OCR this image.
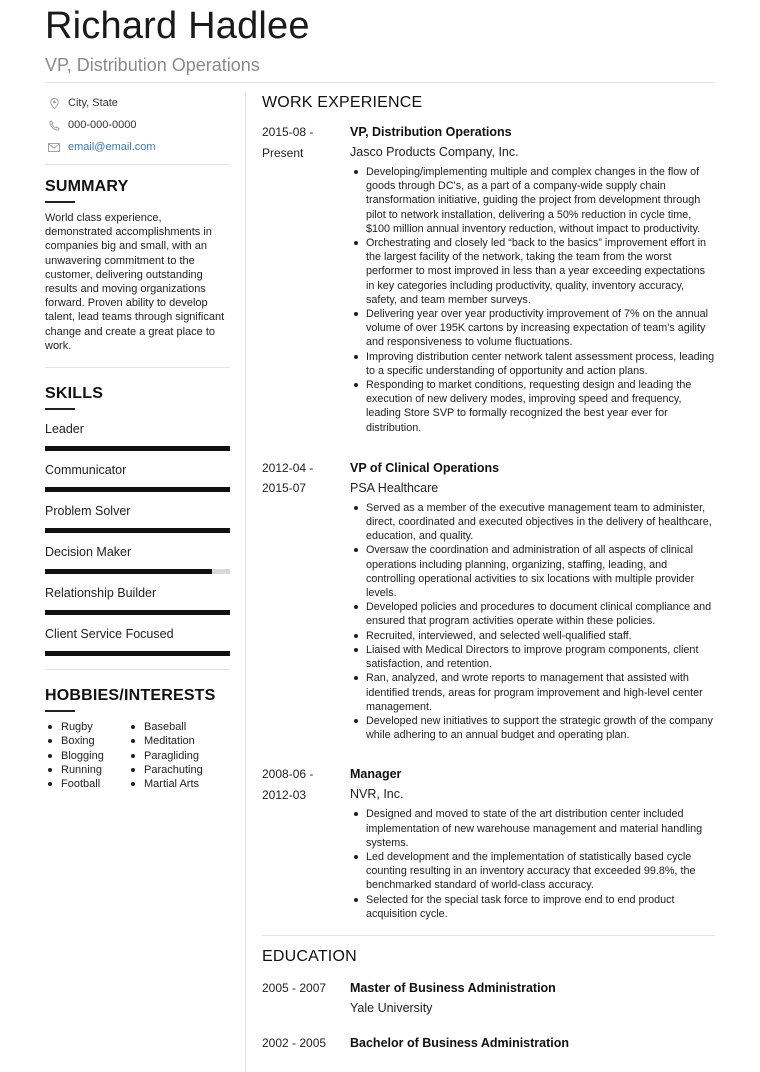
Richard Hadlee
VP, Distribution Operations
City, State
000-000-0000
email@email.com
SUMMARY
World class experience, demonstrated accomplishments in companies big and small, with an unwavering commitment to the customer, delivering outstanding results and moving organizations forward. Proven ability to develop talent, lead teams through significant change and create a great place to work.
SKILLS
Leader
Communicator
Problem Solver
Decision Maker
Relationship Builder
Client Service Focused
HOBBIES/INTERESTS
Rugby
Boxing
Blogging
Running
Football
Baseball
Meditation
Paragliding
Parachuting
Martial Arts
WORK EXPERIENCE
2015-08 -
Present
VP, Distribution Operations
Jasco Products Company, Inc.
Developing/implementing multiple and complex changes in the flow of goods through DC's, as a part of a company-wide supply chain transformation initiative, guiding the project from development through pilot to network installation, delivering a 50% reduction in cycle time, $100 million annual inventory reduction, without impact to productivity.
Orchestrating and closely led “back to the basics” improvement effort in the largest facility of the network, taking the team from the worst performer to most improved in less than a year exceeding expectations in key categories including productivity, quality, inventory accuracy, safety, and team member surveys.
Delivering year over year productivity improvement of 7% on the annual volume of over 195K cartons by increasing expectation of team's agility and responsiveness to volume fluctuations.
Improving distribution center network talent assessment process, leading to a specific understanding of opportunity and action plans.
Responding to market conditions, requesting design and leading the execution of new delivery modes, improving speed and frequency, leading Store SVP to formally recognized the best year ever for distribution.
2012-04 -
2015-07
VP of Clinical Operations
PSA Healthcare
Served as a member of the executive management team to administer, direct, coordinated and executed objectives in the delivery of healthcare, education, and quality.
Oversaw the coordination and administration of all aspects of clinical operations including planning, organizing, staffing, leading, and controlling operational activities to six locations with multiple provider levels.
Developed policies and procedures to document clinical compliance and ensured that program activities operate within these policies.
Recruited, interviewed, and selected well-qualified staff.
Liaised with Medical Directors to improve program components, client satisfaction, and retention.
Ran, analyzed, and wrote reports to management that assisted with identified trends, areas for program improvement and high-level center management.
Developed new initiatives to support the strategic growth of the company while adhering to an annual budget and operating plan.
2008-06 -
2012-03
Manager
NVR, Inc.
Designed and moved to state of the art distribution center included implementation of new warehouse management and material handling systems.
Led development and the implementation of statistically based cycle counting resulting in an inventory accuracy that exceeded 99.8%, the benchmarked standard of world-class accuracy.
Selected for the special task force to improve end to end product acquisition cycle.
EDUCATION
2005 - 2007	Master of Business Administration
Yale University
2002 - 2005	Bachelor of Business Administration
